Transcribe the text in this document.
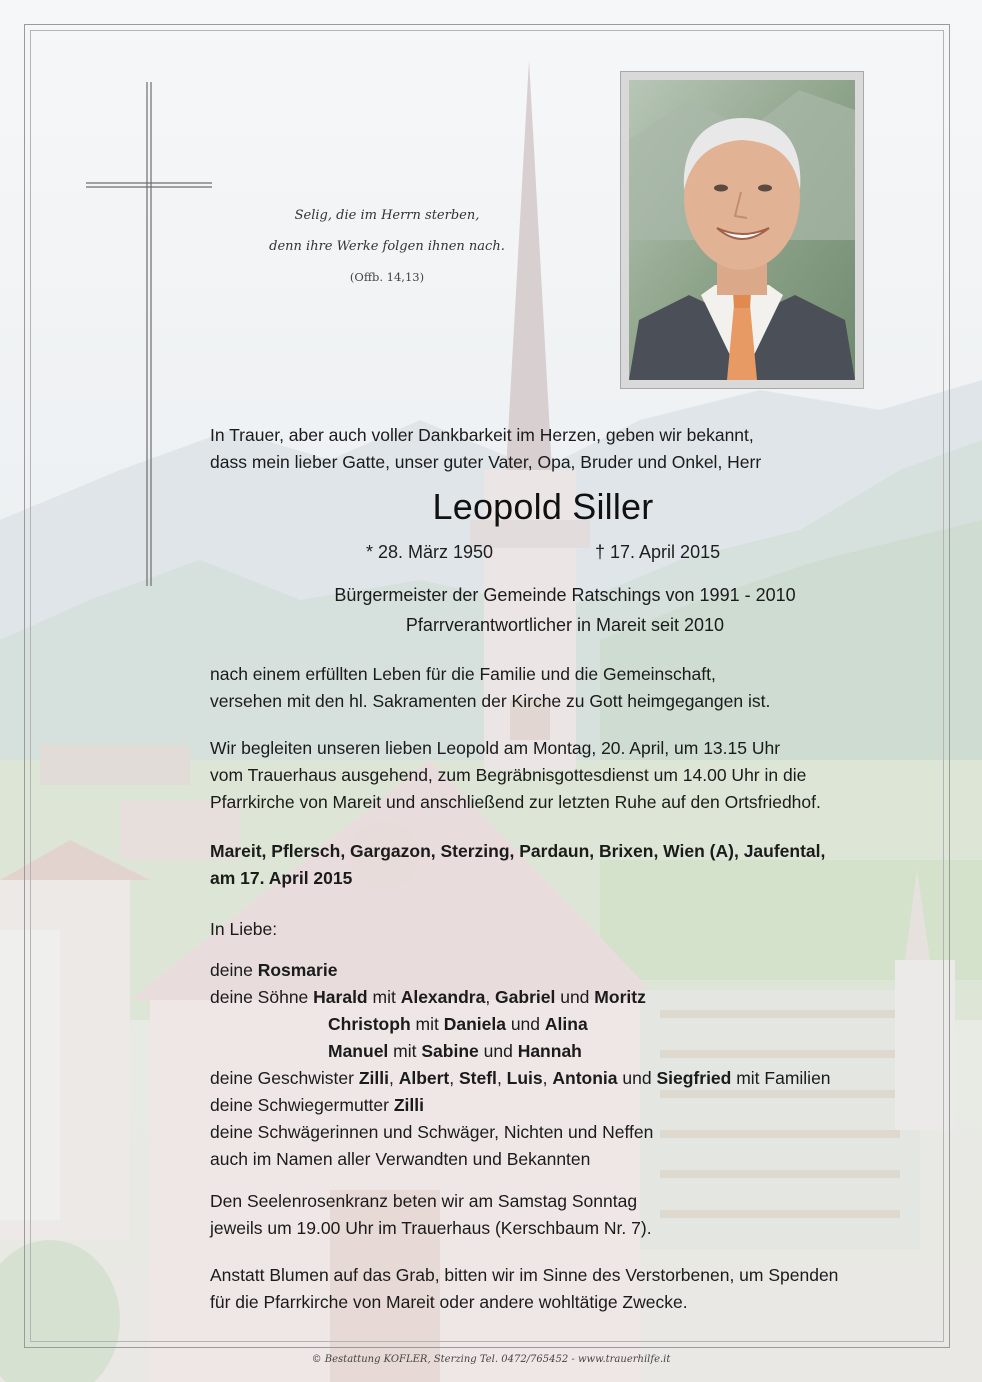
Selig, die im Herrn sterben,
denn ihre Werke folgen ihnen nach.
(Offb. 14,13)
In Trauer, aber auch voller Dankbarkeit im Herzen, geben wir bekannt,
dass mein lieber Gatte, unser guter Vater, Opa, Bruder und Onkel, Herr
Leopold Siller
* 28. März 1950	† 17. April 2015
Bürgermeister der Gemeinde Ratschings von 1991 - 2010
Pfarrverantwortlicher in Mareit seit 2010
nach einem erfüllten Leben für die Familie und die Gemeinschaft,
versehen mit den hl. Sakramenten der Kirche zu Gott heimgegangen ist.
Wir begleiten unseren lieben Leopold am Montag, 20. April, um 13.15 Uhr
vom Trauerhaus ausgehend, zum Begräbnisgottesdienst um 14.00 Uhr in die
Pfarrkirche von Mareit und anschließend zur letzten Ruhe auf den Ortsfriedhof.
Mareit, Pflersch, Gargazon, Sterzing, Pardaun, Brixen, Wien (A), Jaufental,
am 17. April 2015
In Liebe:
deine Rosmarie
deine Söhne Harald mit Alexandra, Gabriel und Moritz
Christoph mit Daniela und Alina
Manuel mit Sabine und Hannah
deine Geschwister Zilli, Albert, Stefl, Luis, Antonia und Siegfried mit Familien
deine Schwiegermutter Zilli
deine Schwägerinnen und Schwäger, Nichten und Neffen
auch im Namen aller Verwandten und Bekannten
Den Seelenrosenkranz beten wir am Samstag Sonntag
jeweils um 19.00 Uhr im Trauerhaus (Kerschbaum Nr. 7).
Anstatt Blumen auf das Grab, bitten wir im Sinne des Verstorbenen, um Spenden
für die Pfarrkirche von Mareit oder andere wohltätige Zwecke.
© Bestattung KOFLER, Sterzing Tel. 0472/765452 - www.trauerhilfe.it
